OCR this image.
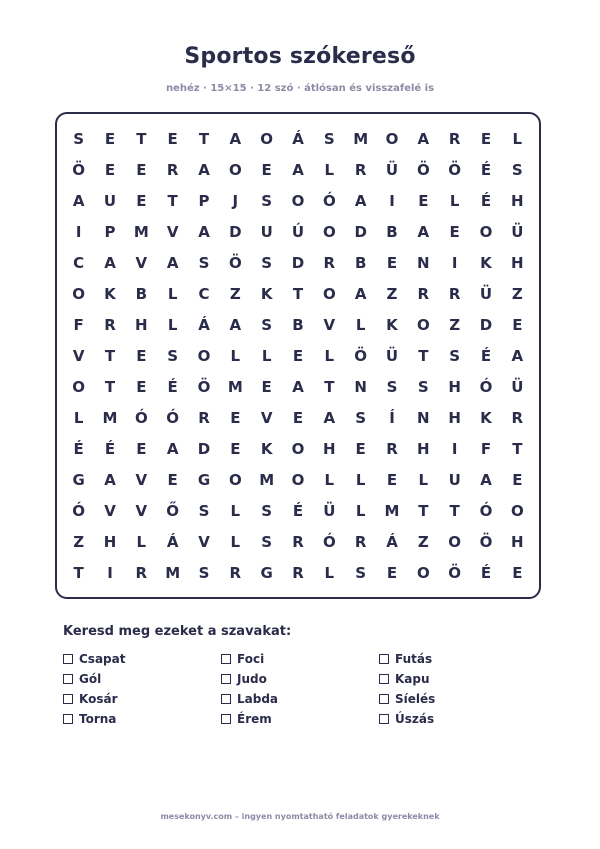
Sportos szókereső
nehéz · 15×15 · 12 szó · átlósan és visszafelé is
S	E	T	E	T	A	O	Á	S	M	O	A	R	E	L
Ö	E	E	R	A	O	E	A	L	R	Ü	Ö	Ö	É	S
A	U	E	T	P	J	S	O	Ó	A	I	E	L	É	H
I	P	M	V	A	D	U	Ú	O	D	B	A	E	O	Ü
C	A	V	A	S	Ö	S	D	R	B	E	N	I	K	H
O	K	B	L	C	Z	K	T	O	A	Z	R	R	Ü	Z
F	R	H	L	Á	A	S	B	V	L	K	O	Z	D	E
V	T	E	S	O	L	L	E	L	Ö	Ü	T	S	É	A
O	T	E	É	Ö	M	E	A	T	N	S	S	H	Ó	Ü
L	M	Ó	Ó	R	E	V	E	A	S	Í	N	H	K	R
É	É	E	A	D	E	K	O	H	E	R	H	I	F	T
G	A	V	E	G	O	M	O	L	L	E	L	U	A	E
Ó	V	V	Ő	S	L	S	É	Ü	L	M	T	T	Ó	O
Z	H	L	Á	V	L	S	R	Ó	R	Á	Z	O	Ö	H
T	I	R	M	S	R	G	R	L	S	E	O	Ö	É	E
Keresd meg ezeket a szavakat:
Csapat	Foci	Futás
Gól	Judo	Kapu
Kosár	Labda	Síelés
Torna	Érem	Úszás
mesekonyv.com – ingyen nyomtatható feladatok gyerekeknek
